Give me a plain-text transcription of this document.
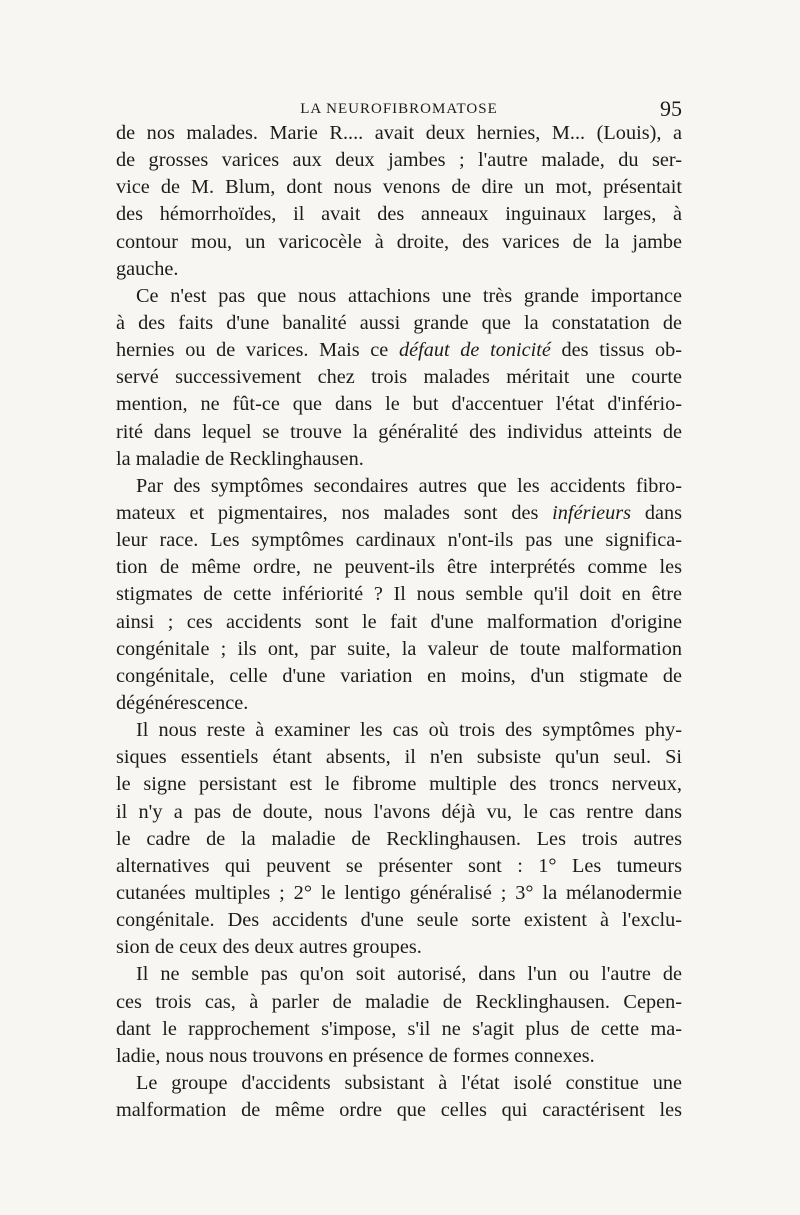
LA NEUROFIBROMATOSE	95
de nos malades. Marie R.... avait deux hernies, M... (Louis), a
de grosses varices aux deux jambes ; l'autre malade, du ser-
vice de M. Blum, dont nous venons de dire un mot, présentait
des hémorrhoïdes, il avait des anneaux inguinaux larges, à
contour mou, un varicocèle à droite, des varices de la jambe
gauche.
Ce n'est pas que nous attachions une très grande importance
à des faits d'une banalité aussi grande que la constatation de
hernies ou de varices. Mais ce défaut de tonicité des tissus ob-
servé successivement chez trois malades méritait une courte
mention, ne fût-ce que dans le but d'accentuer l'état d'infério-
rité dans lequel se trouve la généralité des individus atteints de
la maladie de Recklinghausen.
Par des symptômes secondaires autres que les accidents fibro-
mateux et pigmentaires, nos malades sont des inférieurs dans
leur race. Les symptômes cardinaux n'ont-ils pas une significa-
tion de même ordre, ne peuvent-ils être interprétés comme les
stigmates de cette infériorité ? Il nous semble qu'il doit en être
ainsi ; ces accidents sont le fait d'une malformation d'origine
congénitale ; ils ont, par suite, la valeur de toute malformation
congénitale, celle d'une variation en moins, d'un stigmate de
dégénérescence.
Il nous reste à examiner les cas où trois des symptômes phy-
siques essentiels étant absents, il n'en subsiste qu'un seul. Si
le signe persistant est le fibrome multiple des troncs nerveux,
il n'y a pas de doute, nous l'avons déjà vu, le cas rentre dans
le cadre de la maladie de Recklinghausen. Les trois autres
alternatives qui peuvent se présenter sont : 1° Les tumeurs
cutanées multiples ; 2° le lentigo généralisé ; 3° la mélanodermie
congénitale. Des accidents d'une seule sorte existent à l'exclu-
sion de ceux des deux autres groupes.
Il ne semble pas qu'on soit autorisé, dans l'un ou l'autre de
ces trois cas, à parler de maladie de Recklinghausen. Cepen-
dant le rapprochement s'impose, s'il ne s'agit plus de cette ma-
ladie, nous nous trouvons en présence de formes connexes.
Le groupe d'accidents subsistant à l'état isolé constitue une
malformation de même ordre que celles qui caractérisent les
